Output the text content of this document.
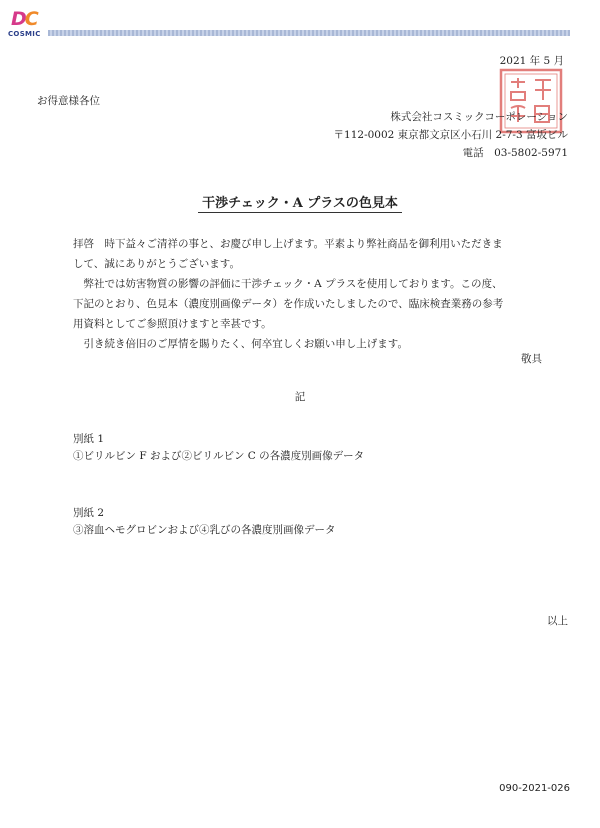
DC
COSMIC
2021 年 5 月
お得意様各位
株式会社コスミックコーポレーション
〒112-0002 東京都文京区小石川 2-7-3 富坂ビル
電話　03-5802-5971
干渉チェック・A プラスの色見本
拝啓　時下益々ご清祥の事と、お慶び申し上げます。平素より弊社商品を御利用いただきま
して、誠にありがとうございます。
　弊社では妨害物質の影響の評価に干渉チェック・A プラスを使用しております。この度、
下記のとおり、色見本（濃度別画像データ）を作成いたしましたので、臨床検査業務の参考
用資料としてご参照頂けますと幸甚です。
　引き続き倍旧のご厚情を賜りたく、何卒宜しくお願い申し上げます。
敬具
記
別紙 1
①ビリルビン F および②ビリルビン C の各濃度別画像データ
別紙 2
③溶血ヘモグロビンおよび④乳びの各濃度別画像データ
以上
090-2021-026
